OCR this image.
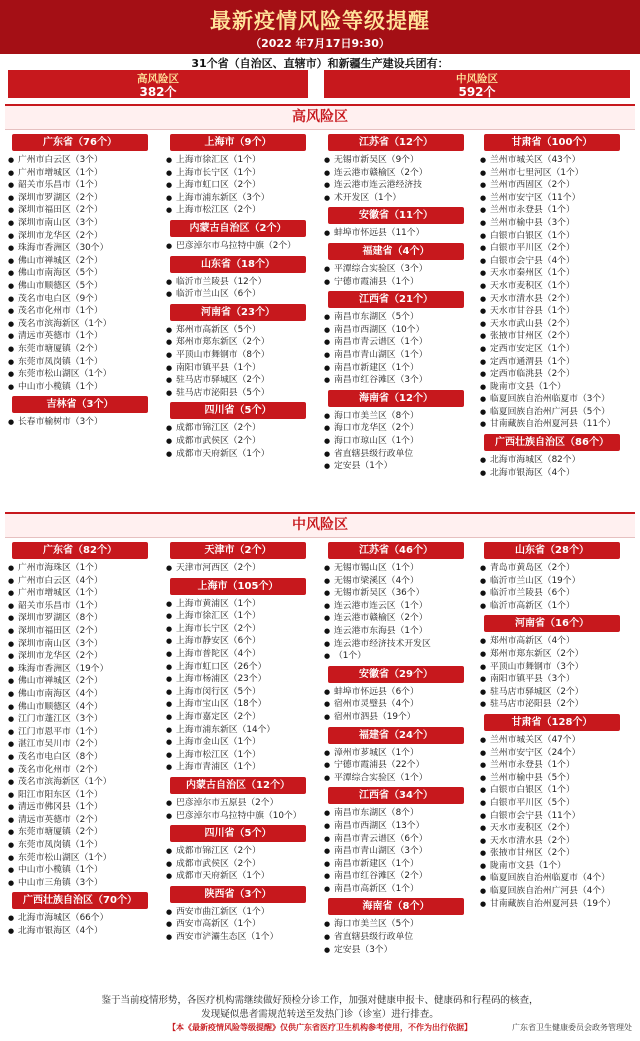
最新疫情风险等级提醒
（2022 年7月17日9:30）
31个省（自治区、直辖市）和新疆生产建设兵团有：
高风险区
382个
中风险区
592个
高风险区
广东省（76个）
● 广州市白云区（3个）
● 广州市增城区（1个）
● 韶关市乐昌市（1个）
● 深圳市罗湖区（2个）
● 深圳市福田区（2个）
● 深圳市南山区（3个）
● 深圳市龙华区（2个）
● 珠海市香洲区（30个）
● 佛山市禅城区（2个）
● 佛山市南海区（5个）
● 佛山市顺德区（5个）
● 茂名市电白区（9个）
● 茂名市化州市（1个）
● 茂名市滨海新区（1个）
● 清远市英德市（1个）
● 东莞市塘厦镇（2个）
● 东莞市凤岗镇（1个）
● 东莞市松山湖区（1个）
● 中山市小榄镇（1个）
吉林省（3个）
● 长春市榆树市（3个）
上海市（9个）
● 上海市徐汇区（1个）
● 上海市长宁区（1个）
● 上海市虹口区（2个）
● 上海市浦东新区（3个）
● 上海市松江区（2个）
内蒙古自治区（2个）
● 巴彦淖尔市乌拉特中旗（2个）
山东省（18个）
● 临沂市兰陵县（12个）
● 临沂市兰山区（6个）
河南省（23个）
● 郑州市高新区（5个）
● 郑州市郑东新区（2个）
● 平顶山市舞钢市（8个）
● 南阳市镇平县（1个）
● 驻马店市驿城区（2个）
● 驻马店市泌阳县（5个）
四川省（5个）
● 成都市锦江区（2个）
● 成都市武侯区（2个）
● 成都市天府新区（1个）
江苏省（12个）
● 无锡市新吴区（9个）
● 连云港市赣榆区（2个）
● 连云港市连云港经济技
● 术开发区（1个）
安徽省（11个）
● 蚌埠市怀远县（11个）
福建省（4个）
● 平潭综合实验区（3个）
● 宁德市霞浦县（1个）
江西省（21个）
● 南昌市东湖区（5个）
● 南昌市西湖区（10个）
● 南昌市青云谱区（1个）
● 南昌市青山湖区（1个）
● 南昌市新建区（1个）
● 南昌市红谷滩区（3个）
海南省（12个）
● 海口市美兰区（8个）
● 海口市龙华区（2个）
● 海口市琼山区（1个）
● 省直辖县级行政单位
● 定安县（1个）
甘肃省（100个）
● 兰州市城关区（43个）
● 兰州市七里河区（1个）
● 兰州市西固区（2个）
● 兰州市安宁区（11个）
● 兰州市永登县（1个）
● 兰州市榆中县（3个）
● 白银市白银区（1个）
● 白银市平川区（2个）
● 白银市会宁县（4个）
● 天水市秦州区（1个）
● 天水市麦积区（1个）
● 天水市清水县（2个）
● 天水市甘谷县（1个）
● 天水市武山县（2个）
● 张掖市甘州区（2个）
● 定西市安定区（1个）
● 定西市通渭县（1个）
● 定西市临洮县（2个）
● 陇南市文县（1个）
● 临夏回族自治州临夏市（3个）
● 临夏回族自治州广河县（5个）
● 甘南藏族自治州夏河县（11个）
广西壮族自治区（86个）
● 北海市海城区（82个）
● 北海市银海区（4个）
中风险区
广东省（82个）
● 广州市海珠区（1个）
● 广州市白云区（4个）
● 广州市增城区（1个）
● 韶关市乐昌市（1个）
● 深圳市罗湖区（8个）
● 深圳市福田区（2个）
● 深圳市南山区（3个）
● 深圳市龙华区（2个）
● 珠海市香洲区（19个）
● 佛山市禅城区（2个）
● 佛山市南海区（4个）
● 佛山市顺德区（4个）
● 江门市蓬江区（3个）
● 江门市恩平市（1个）
● 湛江市吴川市（2个）
● 茂名市电白区（8个）
● 茂名市化州市（2个）
● 茂名市滨海新区（1个）
● 阳江市阳东区（1个）
● 清远市佛冈县（1个）
● 清远市英德市（2个）
● 东莞市塘厦镇（2个）
● 东莞市凤岗镇（1个）
● 东莞市松山湖区（1个）
● 中山市小榄镇（1个）
● 中山市三角镇（3个）
广西壮族自治区（70个）
● 北海市海城区（66个）
● 北海市银海区（4个）
天津市（2个）
● 天津市河西区（2个）
上海市（105个）
● 上海市黄浦区（1个）
● 上海市徐汇区（1个）
● 上海市长宁区（2个）
● 上海市静安区（6个）
● 上海市普陀区（4个）
● 上海市虹口区（26个）
● 上海市杨浦区（23个）
● 上海市闵行区（5个）
● 上海市宝山区（18个）
● 上海市嘉定区（2个）
● 上海市浦东新区（14个）
● 上海市金山区（1个）
● 上海市松江区（1个）
● 上海市青浦区（1个）
内蒙古自治区（12个）
● 巴彦淖尔市五原县（2个）
● 巴彦淖尔市乌拉特中旗（10个）
四川省（5个）
● 成都市锦江区（2个）
● 成都市武侯区（2个）
● 成都市天府新区（1个）
陕西省（3个）
● 西安市曲江新区（1个）
● 西安市高新区（1个）
● 西安市浐灞生态区（1个）
江苏省（46个）
● 无锡市锡山区（1个）
● 无锡市梁溪区（4个）
● 无锡市新吴区（36个）
● 连云港市连云区（1个）
● 连云港市赣榆区（2个）
● 连云港市东海县（1个）
● 连云港市经济技术开发区
● （1个）
安徽省（29个）
● 蚌埠市怀远县（6个）
● 宿州市灵璧县（4个）
● 宿州市泗县（19个）
福建省（24个）
● 漳州市芗城区（1个）
● 宁德市霞浦县（22个）
● 平潭综合实验区（1个）
江西省（34个）
● 南昌市东湖区（8个）
● 南昌市西湖区（13个）
● 南昌市青云谱区（6个）
● 南昌市青山湖区（3个）
● 南昌市新建区（1个）
● 南昌市红谷滩区（2个）
● 南昌市高新区（1个）
海南省（8个）
● 海口市美兰区（5个）
● 省直辖县级行政单位
● 定安县（3个）
山东省（28个）
● 青岛市黄岛区（2个）
● 临沂市兰山区（19个）
● 临沂市兰陵县（6个）
● 临沂市高新区（1个）
河南省（16个）
● 郑州市高新区（4个）
● 郑州市郑东新区（2个）
● 平顶山市舞钢市（3个）
● 南阳市镇平县（3个）
● 驻马店市驿城区（2个）
● 驻马店市泌阳县（2个）
甘肃省（128个）
● 兰州市城关区（47个）
● 兰州市安宁区（24个）
● 兰州市永登县（1个）
● 兰州市榆中县（5个）
● 白银市白银区（1个）
● 白银市平川区（5个）
● 白银市会宁县（11个）
● 天水市麦积区（2个）
● 天水市清水县（2个）
● 张掖市甘州区（2个）
● 陇南市文县（1个）
● 临夏回族自治州临夏市（4个）
● 临夏回族自治州广河县（4个）
● 甘南藏族自治州夏河县（19个）
鉴于当前疫情形势，各医疗机构需继续做好预检分诊工作，加强对健康申报卡、健康码和行程码的核查，
发现疑似患者需规范转送至发热门诊（诊室）进行排查。
【本《最新疫情风险等级提醒》仅供广东省医疗卫生机构参考使用，不作为出行依据】	广东省卫生健康委员会政务管理处
